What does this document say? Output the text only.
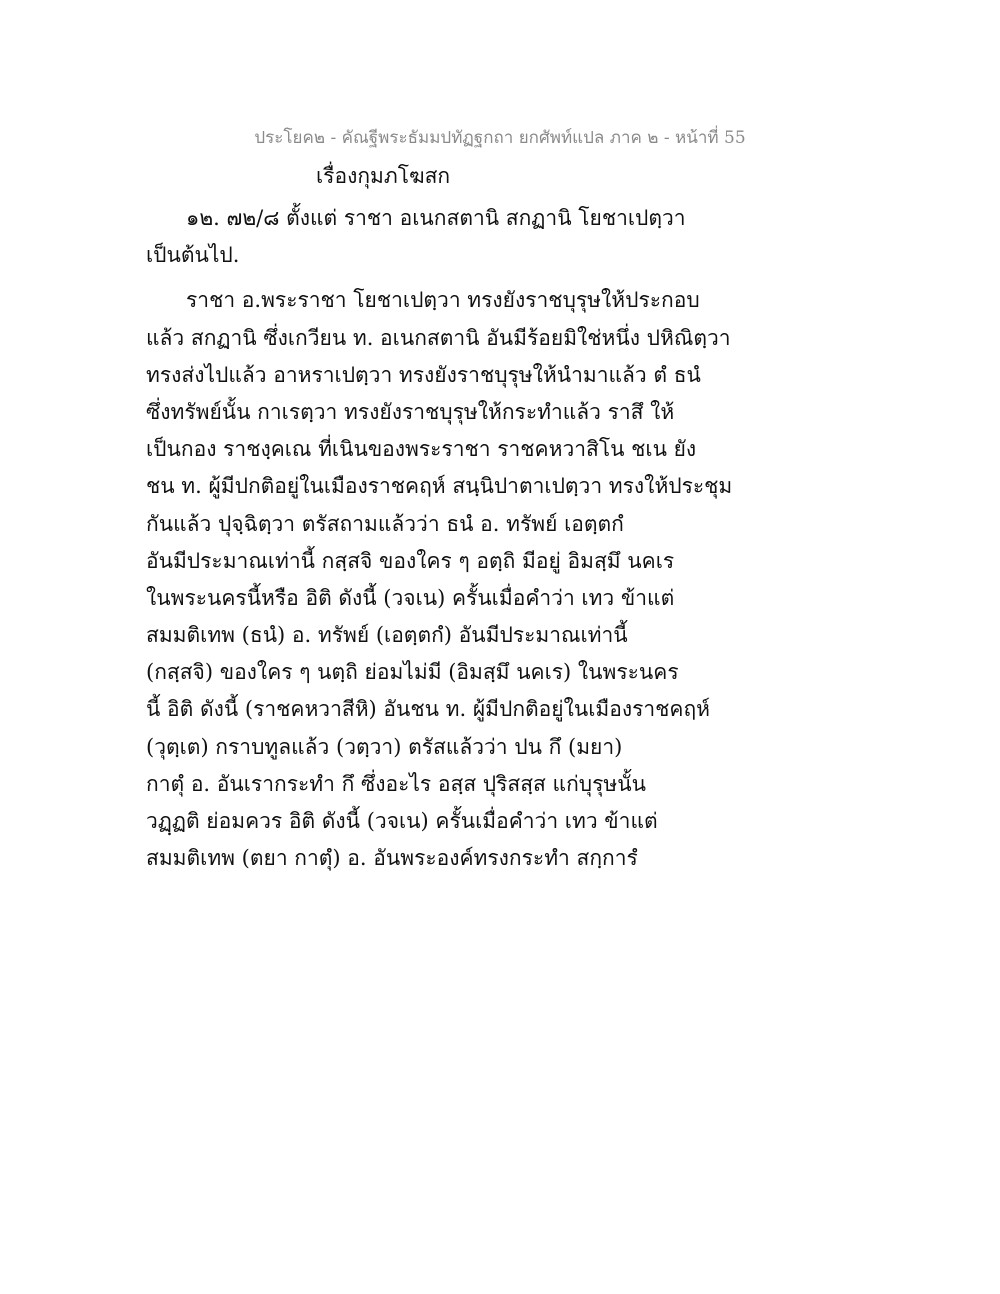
ประโยค๒ - คัณฐีพระธัมมปทัฏฐกถา ยกศัพท์แปล ภาค ๒ - หน้าที่ 55
เรื่องกุมภโฆสก
๑๒. ๗๒/๘ ตั้งแต่ ราชา อเนกสตานิ สกฏานิ โยชาเปตฺวา
เป็นต้นไป.
ราชา อ.พระราชา โยชาเปตฺวา ทรงยังราชบุรุษให้ประกอบ
แล้ว สกฏานิ ซึ่งเกวียน ท. อเนกสตานิ อันมีร้อยมิใช่หนึ่ง ปหิณิตฺวา
ทรงส่งไปแล้ว อาหราเปตฺวา ทรงยังราชบุรุษให้นำมาแล้ว ตํ ธนํ
ซึ่งทรัพย์นั้น กาเรตฺวา ทรงยังราชบุรุษให้กระทำแล้ว ราสึ ให้
เป็นกอง ราชงฺคเณ ที่เนินของพระราชา ราชคหวาสิโน ชเน ยัง
ชน ท. ผู้มีปกติอยู่ในเมืองราชคฤห์ สนฺนิปาตาเปตฺวา ทรงให้ประชุม
กันแล้ว ปุจฺฉิตฺวา ตรัสถามแล้วว่า ธนํ อ. ทรัพย์ เอตฺตกํ
อันมีประมาณเท่านี้ กสฺสจิ ของใคร ๆ อตฺถิ มีอยู่ อิมสฺมึ นคเร
ในพระนครนี้หรือ อิติ ดังนี้ (วจเน) ครั้นเมื่อคำว่า เทว ข้าแต่
สมมติเทพ (ธนํ) อ. ทรัพย์ (เอตฺตกํ) อันมีประมาณเท่านี้
(กสฺสจิ) ของใคร ๆ นตฺถิ ย่อมไม่มี (อิมสฺมึ นคเร) ในพระนคร
นี้ อิติ ดังนี้ (ราชคหวาสีหิ) อันชน ท. ผู้มีปกติอยู่ในเมืองราชคฤห์
(วุตฺเต) กราบทูลแล้ว (วตฺวา) ตรัสแล้วว่า ปน กึ (มยา)
กาตุํ อ. อันเรากระทำ กึ ซึ่งอะไร อสฺส ปุริสสฺส แก่บุรุษนั้น
วฏฺฏติ ย่อมควร อิติ ดังนี้ (วจเน) ครั้นเมื่อคำว่า เทว ข้าแต่
สมมติเทพ (ตยา กาตุํ) อ. อันพระองค์ทรงกระทำ สกฺการํ
